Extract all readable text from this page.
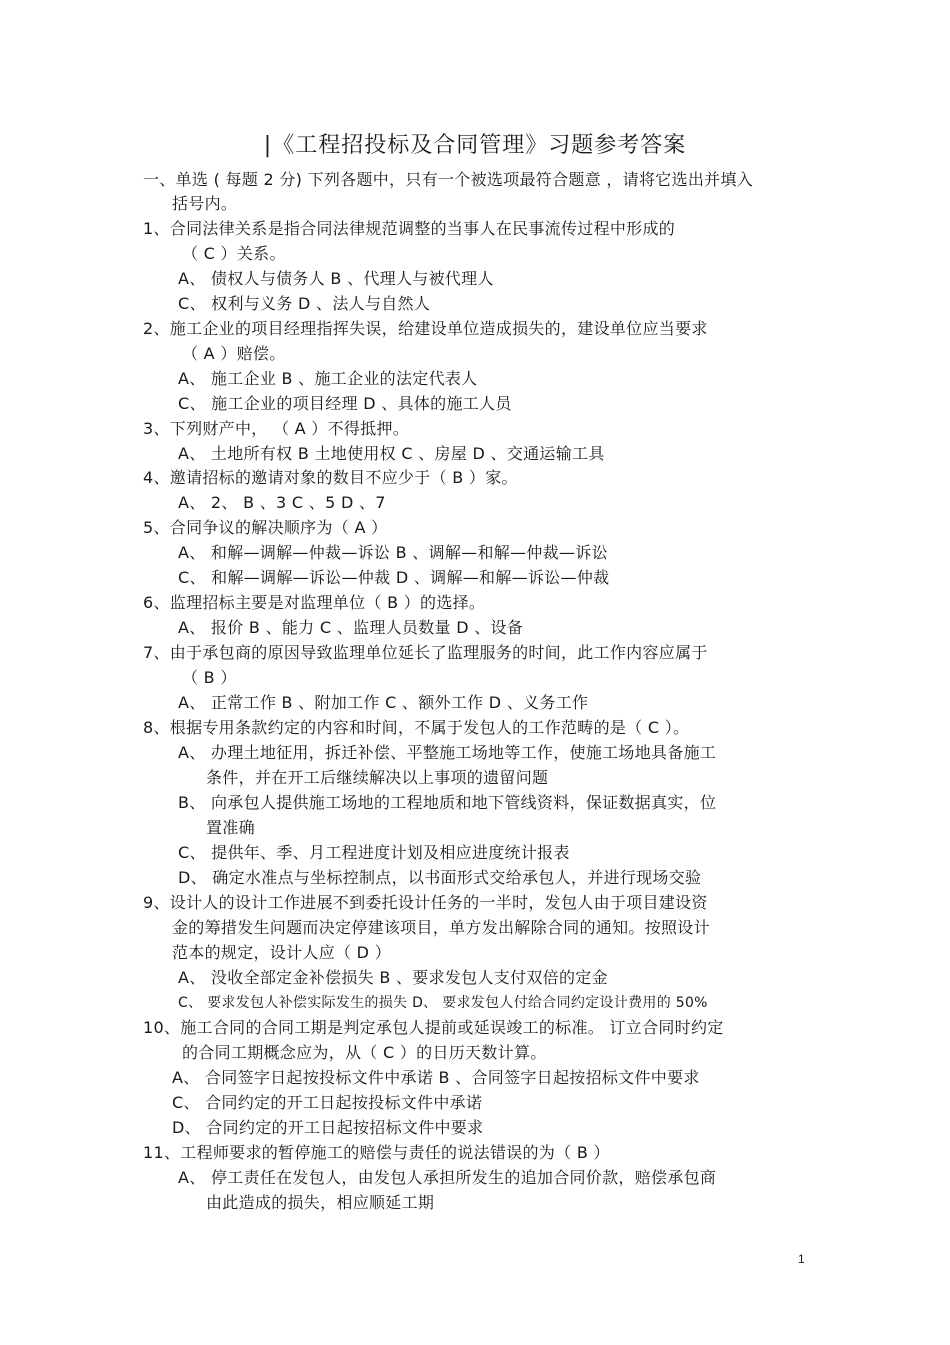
|《工程招投标及合同管理》习题参考答案
一、单选 ( 每题 2 分) 下列各题中，只有一个被选项最符合题意 ，请将它选出并填入
括号内。
1、合同法律关系是指合同法律规范调整的当事人在民事流传过程中形成的
（ C ）关系。
A、 债权人与债务人 B 、代理人与被代理人
C、 权利与义务 D 、法人与自然人
2、施工企业的项目经理指挥失误，给建设单位造成损失的，建设单位应当要求
（ A ）赔偿。
A、 施工企业 B 、施工企业的法定代表人
C、 施工企业的项目经理 D 、具体的施工人员
3、下列财产中， （ A ）不得抵押。
A、 土地所有权 B 土地使用权 C 、房屋 D 、交通运输工具
4、邀请招标的邀请对象的数目不应少于（ B ）家。
A、 2、 B 、3 C 、5 D 、7
5、合同争议的解决顺序为（ A ）
A、 和解—调解—仲裁—诉讼 B 、调解—和解—仲裁—诉讼
C、 和解—调解—诉讼—仲裁 D 、调解—和解—诉讼—仲裁
6、监理招标主要是对监理单位（ B ）的选择。
A、 报价 B 、能力 C 、监理人员数量 D 、设备
7、由于承包商的原因导致监理单位延长了监理服务的时间，此工作内容应属于
（ B ）
A、 正常工作 B 、附加工作 C 、额外工作 D 、义务工作
8、根据专用条款约定的内容和时间，不属于发包人的工作范畴的是（ C ）。
A、 办理土地征用，拆迁补偿、平整施工场地等工作，使施工场地具备施工
条件，并在开工后继续解决以上事项的遗留问题
B、 向承包人提供施工场地的工程地质和地下管线资料，保证数据真实，位
置准确
C、 提供年、季、月工程进度计划及相应进度统计报表
D、 确定水准点与坐标控制点，以书面形式交给承包人，并进行现场交验
9、设计人的设计工作进展不到委托设计任务的一半时，发包人由于项目建设资
金的筹措发生问题而决定停建该项目，单方发出解除合同的通知。按照设计
范本的规定，设计人应（ D ）
A、 没收全部定金补偿损失 B 、要求发包人支付双倍的定金
C、 要求发包人补偿实际发生的损失 D、 要求发包人付给合同约定设计费用的 50%
10、施工合同的合同工期是判定承包人提前或延误竣工的标准。 订立合同时约定
的合同工期概念应为，从（ C ）的日历天数计算。
A、 合同签字日起按投标文件中承诺 B 、合同签字日起按招标文件中要求
C、 合同约定的开工日起按投标文件中承诺
D、 合同约定的开工日起按招标文件中要求
11、工程师要求的暂停施工的赔偿与责任的说法错误的为（ B ）
A、 停工责任在发包人，由发包人承担所发生的追加合同价款，赔偿承包商
由此造成的损失，相应顺延工期
1
